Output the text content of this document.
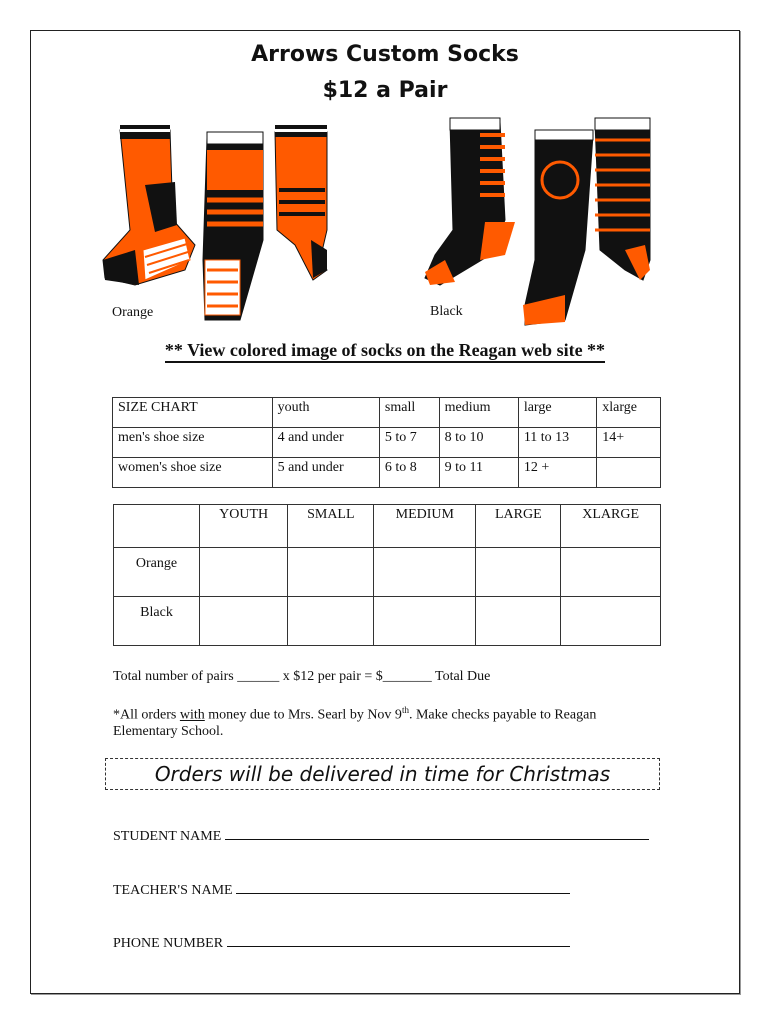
Arrows Custom Socks
$12 a Pair
Orange	Black
** View colored image of socks on the Reagan web site **
SIZE CHART	youth	small	medium	large	xlarge
men's shoe size	4 and under	5 to 7	8 to 10	11 to 13	14+
women's shoe size	5 and under	6 to 8	9 to 11	12 +	
	YOUTH	SMALL	MEDIUM	LARGE	XLARGE
Orange					
Black					
Total number of pairs ______ x $12 per pair = $_______ Total Due
*All orders with money due to Mrs. Searl by Nov 9th. Make checks payable to Reagan
Elementary School.
Orders will be delivered in time for Christmas
STUDENT NAME
TEACHER'S NAME
PHONE NUMBER
